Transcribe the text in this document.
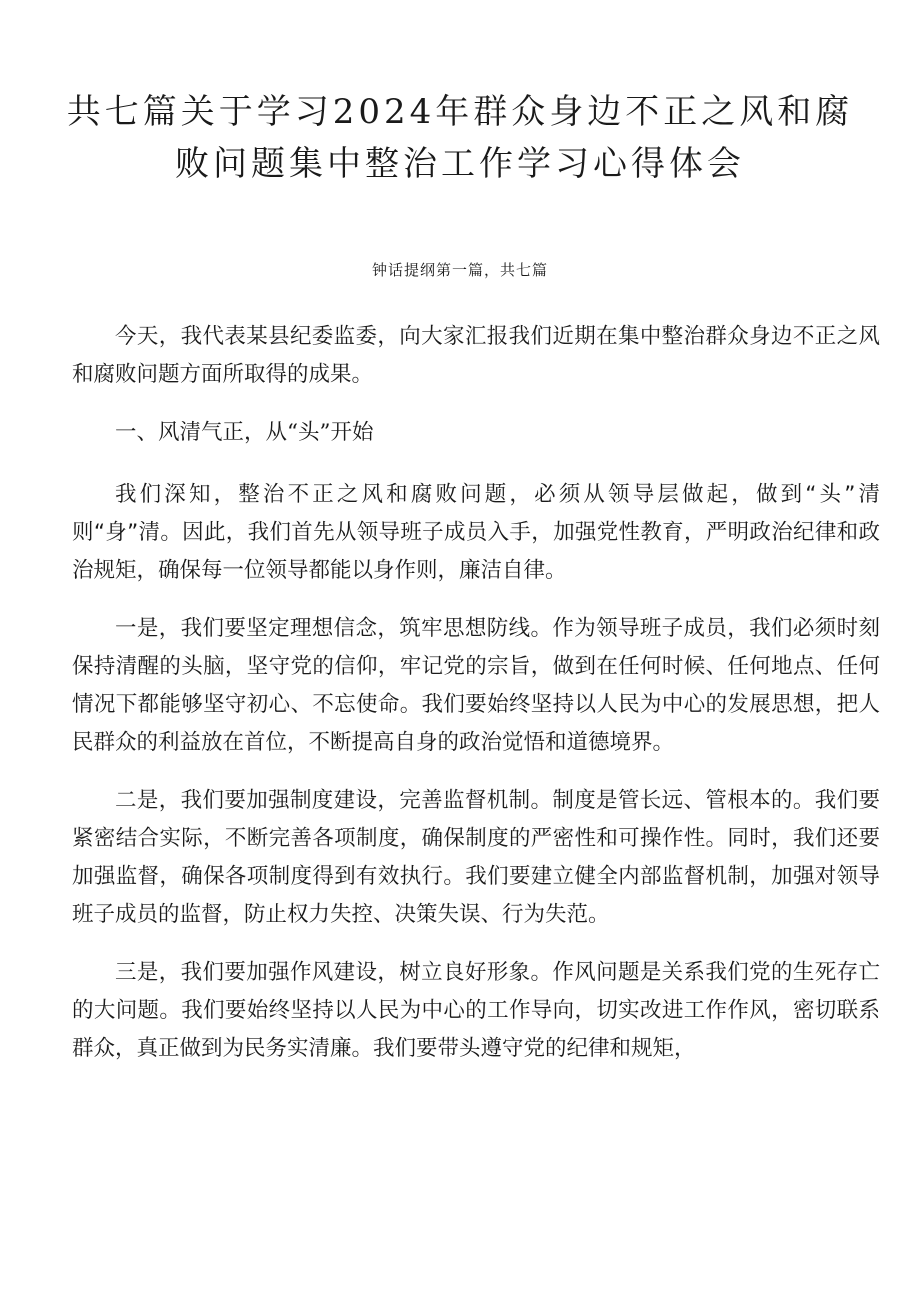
共七篇关于学习2024年群众身边不正之风和腐败问题集中整治工作学习心得体会
钟话提纲第一篇，共七篇

今天，我代表某县纪委监委，向大家汇报我们近期在集中整治群众身边不正之风和腐败问题方面所取得的成果。

一、风清气正，从“头”开始

我们深知，整治不正之风和腐败问题，必须从领导层做起，做到“头”清则“身”清。因此，我们首先从领导班子成员入手，加强党性教育，严明政治纪律和政治规矩，确保每一位领导都能以身作则，廉洁自律。

一是，我们要坚定理想信念，筑牢思想防线。作为领导班子成员，我们必须时刻保持清醒的头脑，坚守党的信仰，牢记党的宗旨，做到在任何时候、任何地点、任何情况下都能够坚守初心、不忘使命。我们要始终坚持以人民为中心的发展思想，把人民群众的利益放在首位，不断提高自身的政治觉悟和道德境界。

二是，我们要加强制度建设，完善监督机制。制度是管长远、管根本的。我们要紧密结合实际，不断完善各项制度，确保制度的严密性和可操作性。同时，我们还要加强监督，确保各项制度得到有效执行。我们要建立健全内部监督机制，加强对领导班子成员的监督，防止权力失控、决策失误、行为失范。

三是，我们要加强作风建设，树立良好形象。作风问题是关系我们党的生死存亡的大问题。我们要始终坚持以人民为中心的工作导向，切实改进工作作风，密切联系群众，真正做到为民务实清廉。我们要带头遵守党的纪律和规矩，
